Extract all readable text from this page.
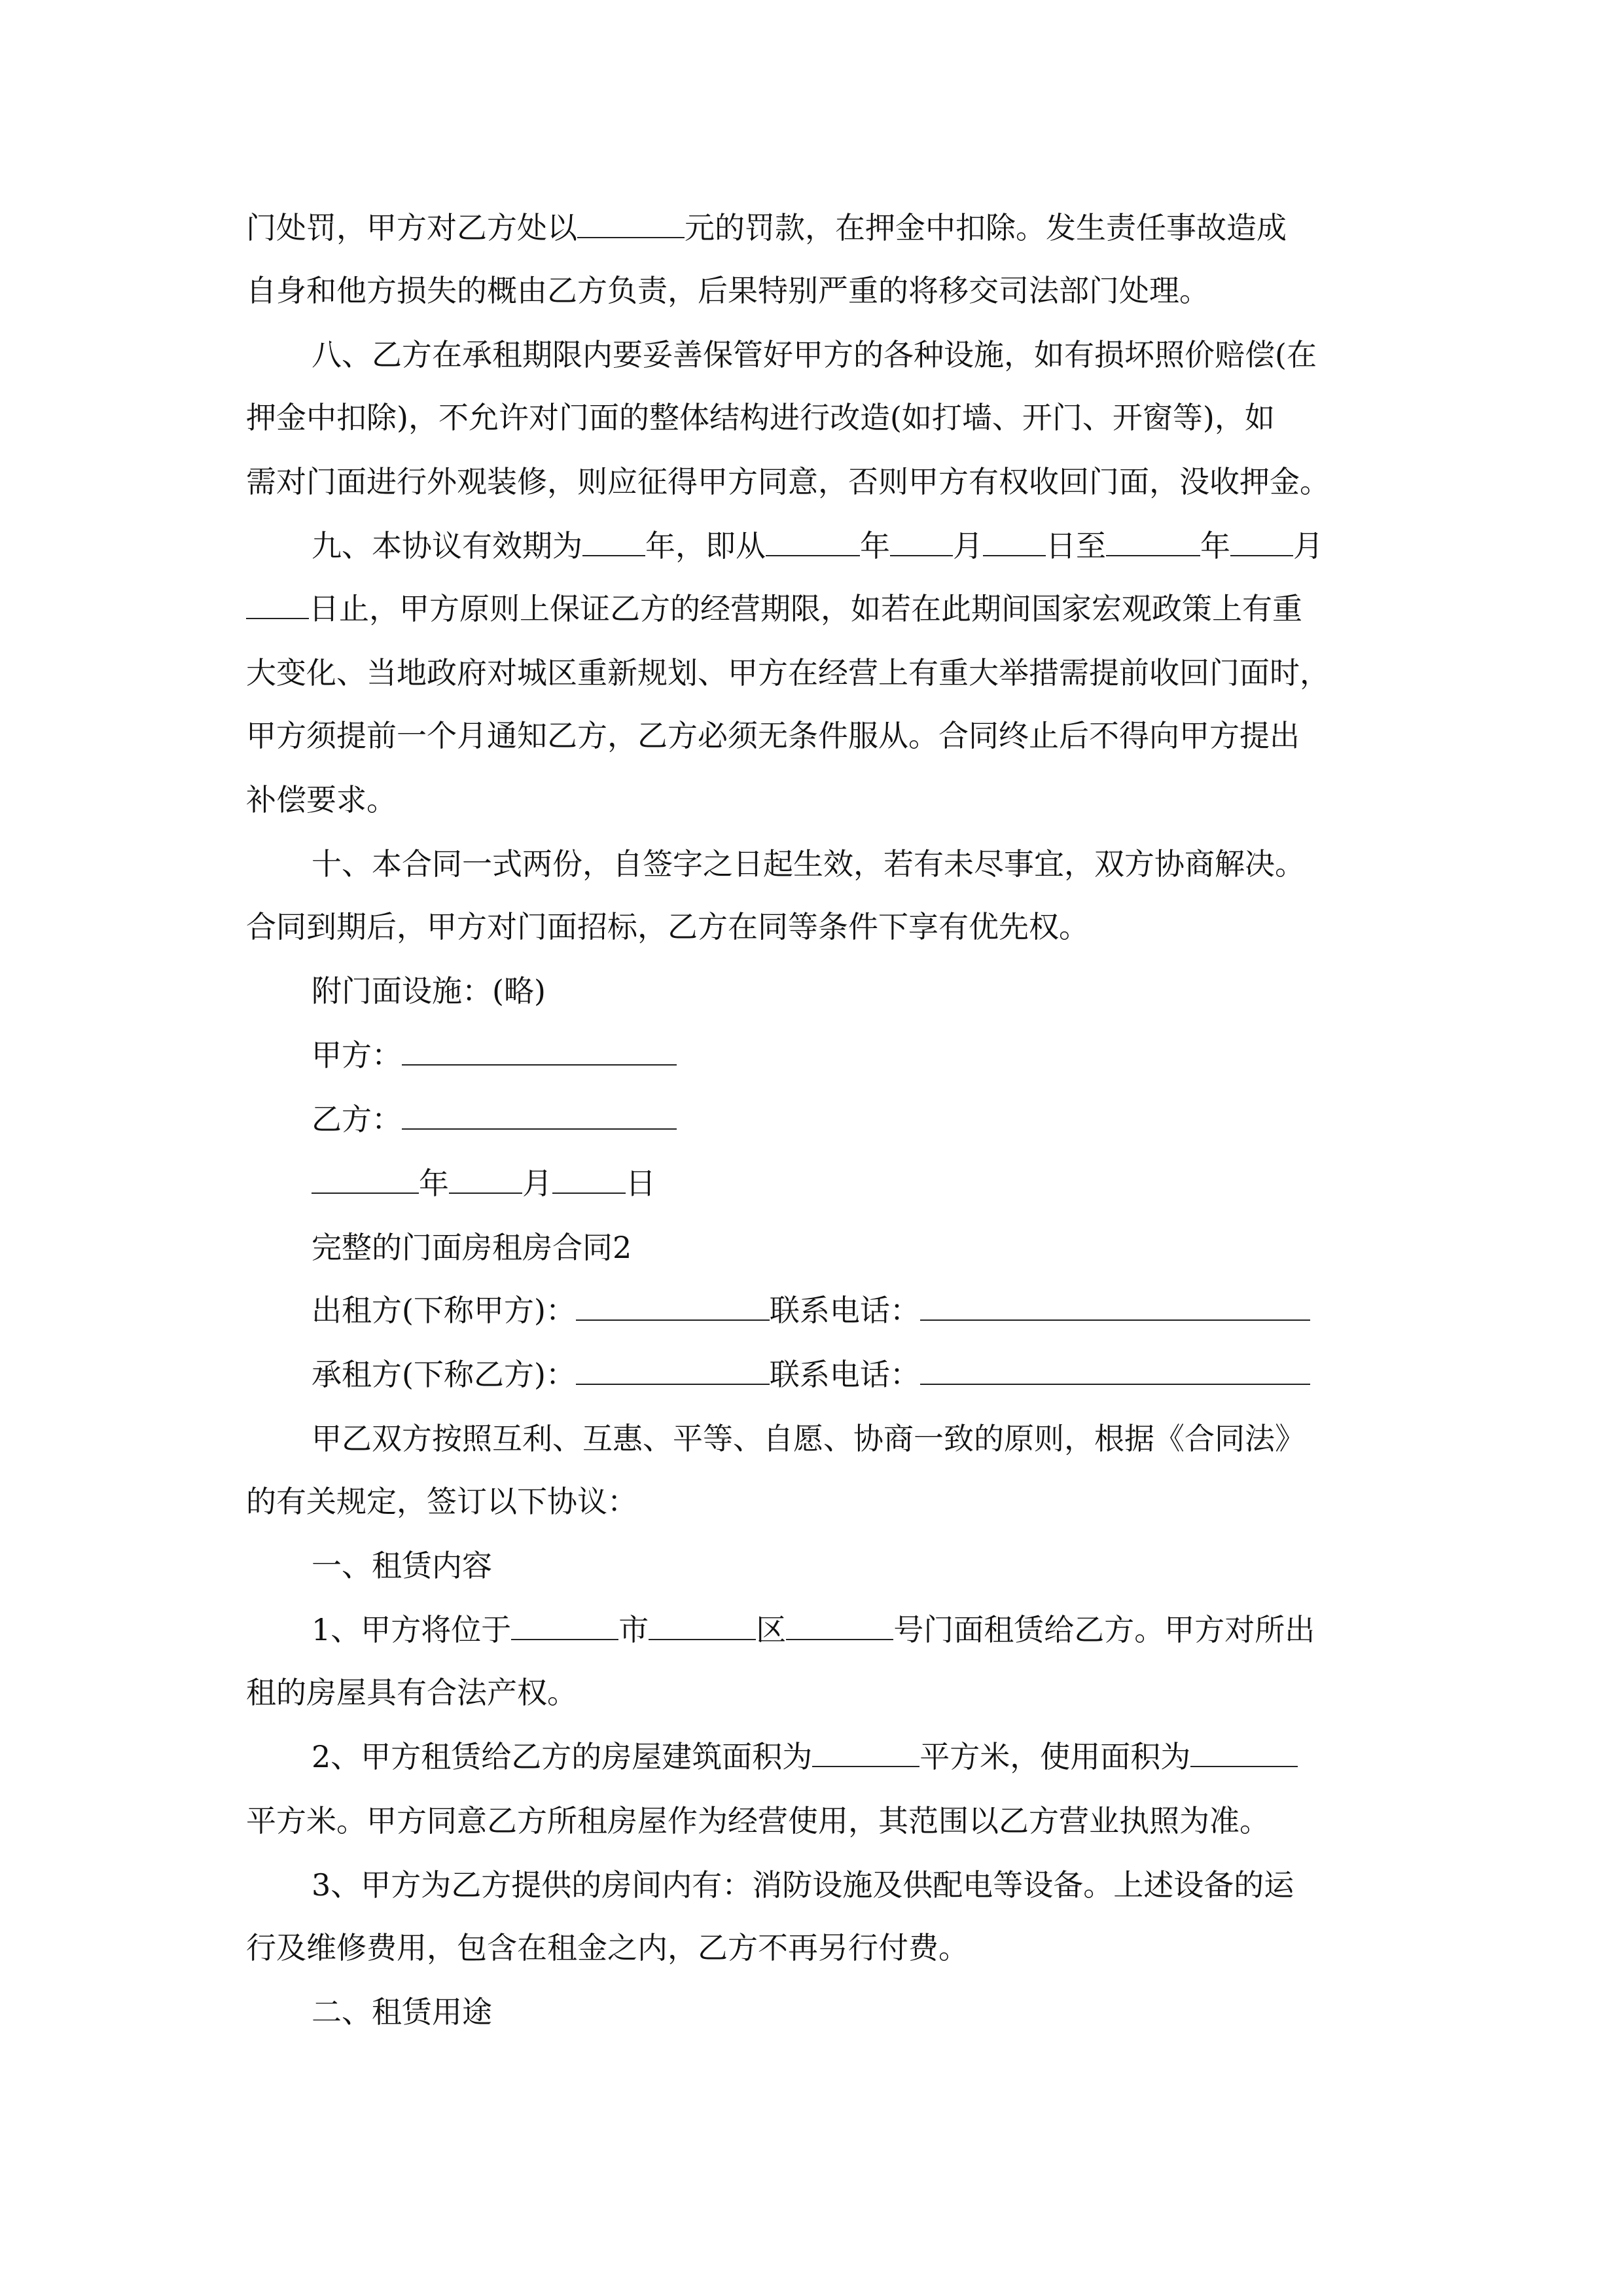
门处罚，甲方对乙方处以	元的罚款，在押金中扣除。发生责任事故造成
自身和他方损失的概由乙方负责，后果特别严重的将移交司法部门处理。
八、乙方在承租期限内要妥善保管好甲方的各种设施，如有损坏照价赔偿(在
押金中扣除)，不允许对门面的整体结构进行改造(如打墙、开门、开窗等)，如
需对门面进行外观装修，则应征得甲方同意，否则甲方有权收回门面，没收押金。
九、本协议有效期为 年，即从	年 月 日至	年 月
日止，甲方原则上保证乙方的经营期限，如若在此期间国家宏观政策上有重
大变化、当地政府对城区重新规划、甲方在经营上有重大举措需提前收回门面时，
甲方须提前一个月通知乙方，乙方必须无条件服从。合同终止后不得向甲方提出
补偿要求。
十、本合同一式两份，自签字之日起生效，若有未尽事宜，双方协商解决。
合同到期后，甲方对门面招标，乙方在同等条件下享有优先权。
附门面设施：(略)
甲方：
乙方：
年 月 日
完整的门面房租房合同2
出租方(下称甲方)：	联系电话：
承租方(下称乙方)：	联系电话：
甲乙双方按照互利、互惠、平等、自愿、协商一致的原则，根据《合同法》
的有关规定，签订以下协议：
一、租赁内容
1、甲方将位于	市	区	号门面租赁给乙方。甲方对所出
租的房屋具有合法产权。
2、甲方租赁给乙方的房屋建筑面积为	平方米，使用面积为
平方米。甲方同意乙方所租房屋作为经营使用，其范围以乙方营业执照为准。
3、甲方为乙方提供的房间内有：消防设施及供配电等设备。上述设备的运
行及维修费用，包含在租金之内，乙方不再另行付费。
二、租赁用途
